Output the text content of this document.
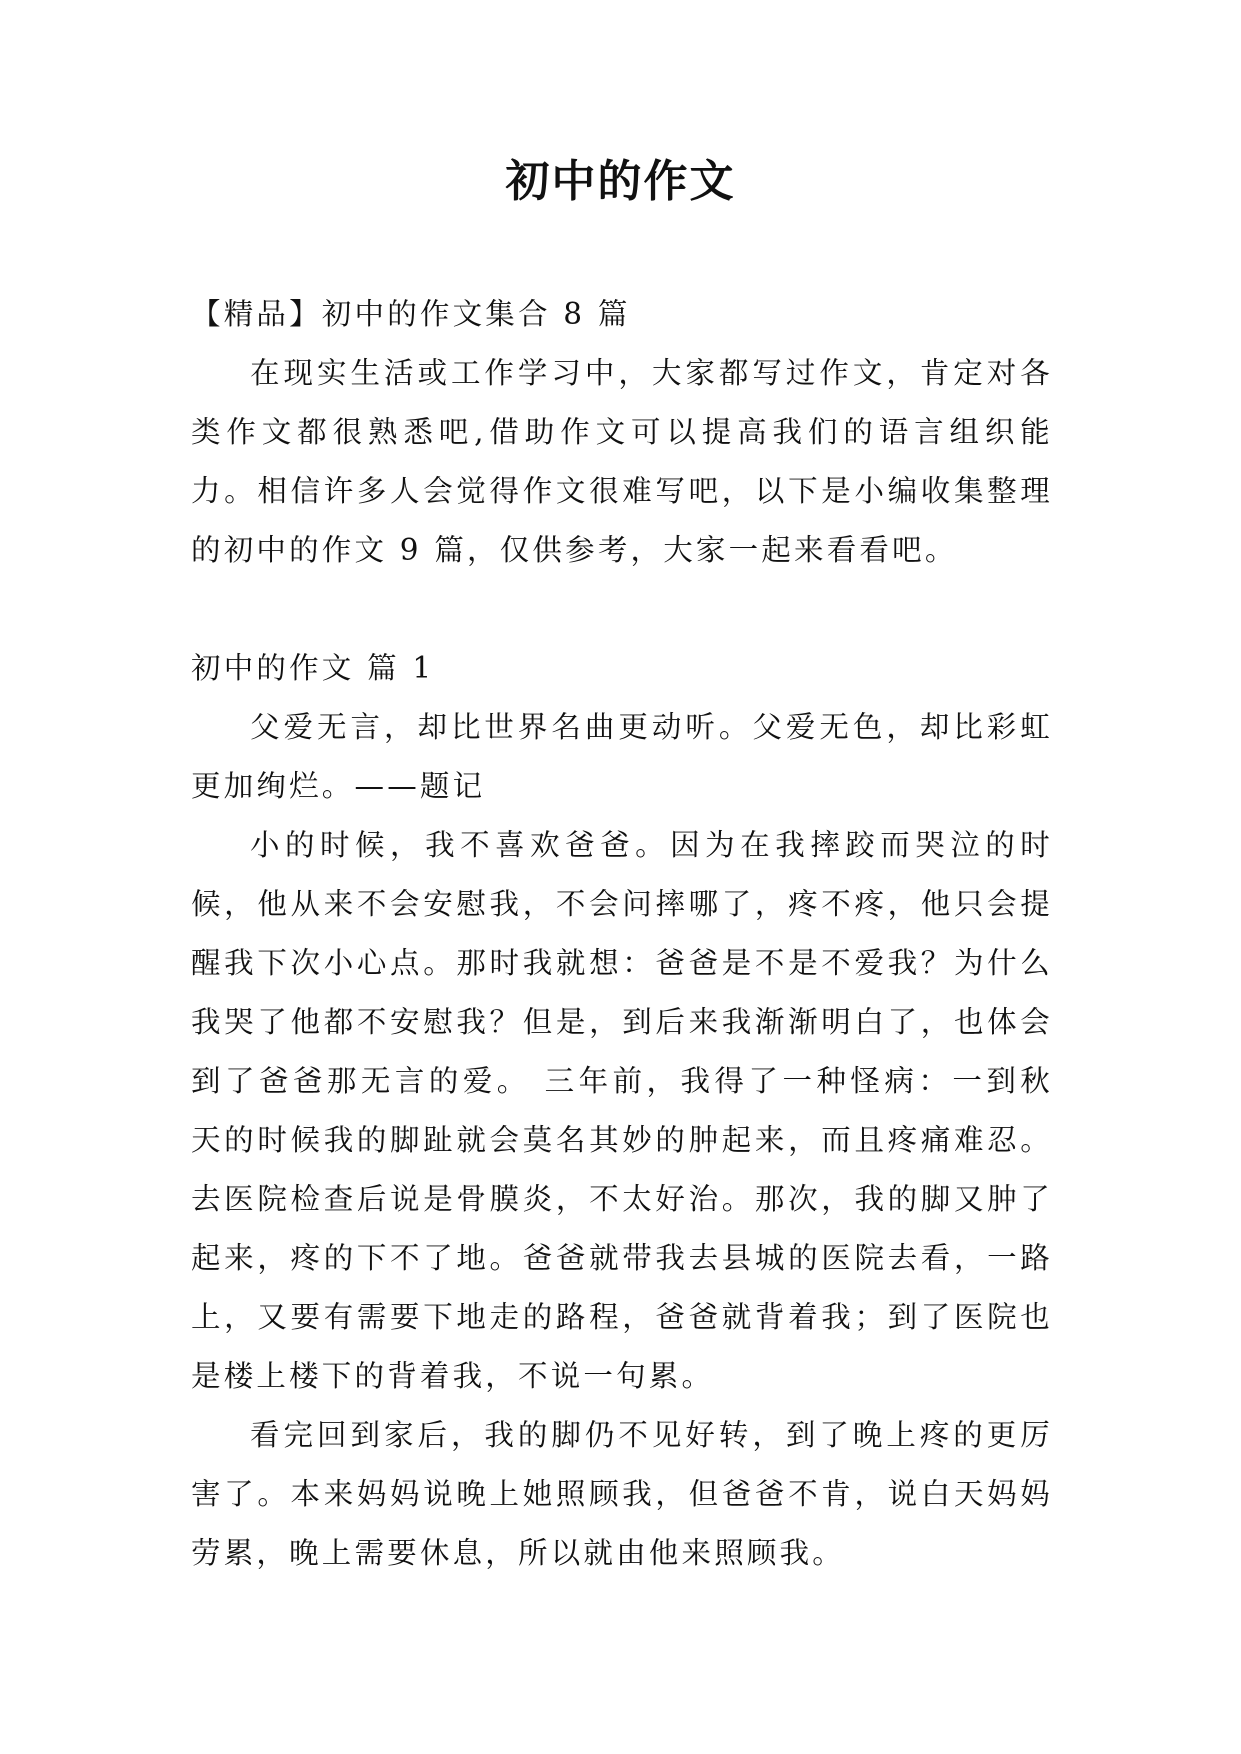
初中的作文

【精品】初中的作文集合 8 篇

在现实生活或工作学习中，大家都写过作文，肯定对各类作文都很熟悉吧,借助作文可以提高我们的语言组织能力。相信许多人会觉得作文很难写吧，以下是小编收集整理的初中的作文 9 篇，仅供参考，大家一起来看看吧。

初中的作文 篇 1

父爱无言，却比世界名曲更动听。父爱无色，却比彩虹更加绚烂。——题记

小的时候，我不喜欢爸爸。因为在我摔跤而哭泣的时候，他从来不会安慰我，不会问摔哪了，疼不疼，他只会提醒我下次小心点。那时我就想：爸爸是不是不爱我？为什么我哭了他都不安慰我？但是，到后来我渐渐明白了，也体会到了爸爸那无言的爱。 三年前，我得了一种怪病：一到秋天的时候我的脚趾就会莫名其妙的肿起来，而且疼痛难忍。去医院检查后说是骨膜炎，不太好治。那次，我的脚又肿了起来，疼的下不了地。爸爸就带我去县城的医院去看，一路上，又要有需要下地走的路程，爸爸就背着我；到了医院也是楼上楼下的背着我，不说一句累。

看完回到家后，我的脚仍不见好转，到了晚上疼的更厉害了。本来妈妈说晚上她照顾我，但爸爸不肯，说白天妈妈劳累，晚上需要休息，所以就由他来照顾我。
